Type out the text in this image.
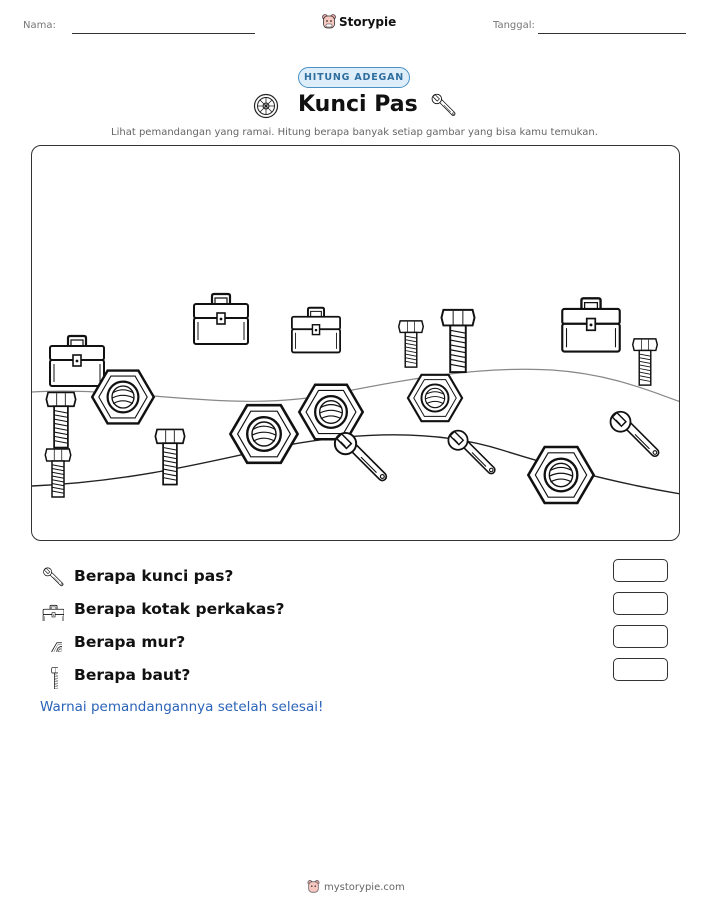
Nama:	Storypie	Tanggal:
HITUNG ADEGAN
Kunci Pas
Lihat pemandangan yang ramai. Hitung berapa banyak setiap gambar yang bisa kamu temukan.
Berapa kunci pas?
Berapa kotak perkakas?
Berapa mur?
Berapa baut?
Warnai pemandangannya setelah selesai!
mystorypie.com
